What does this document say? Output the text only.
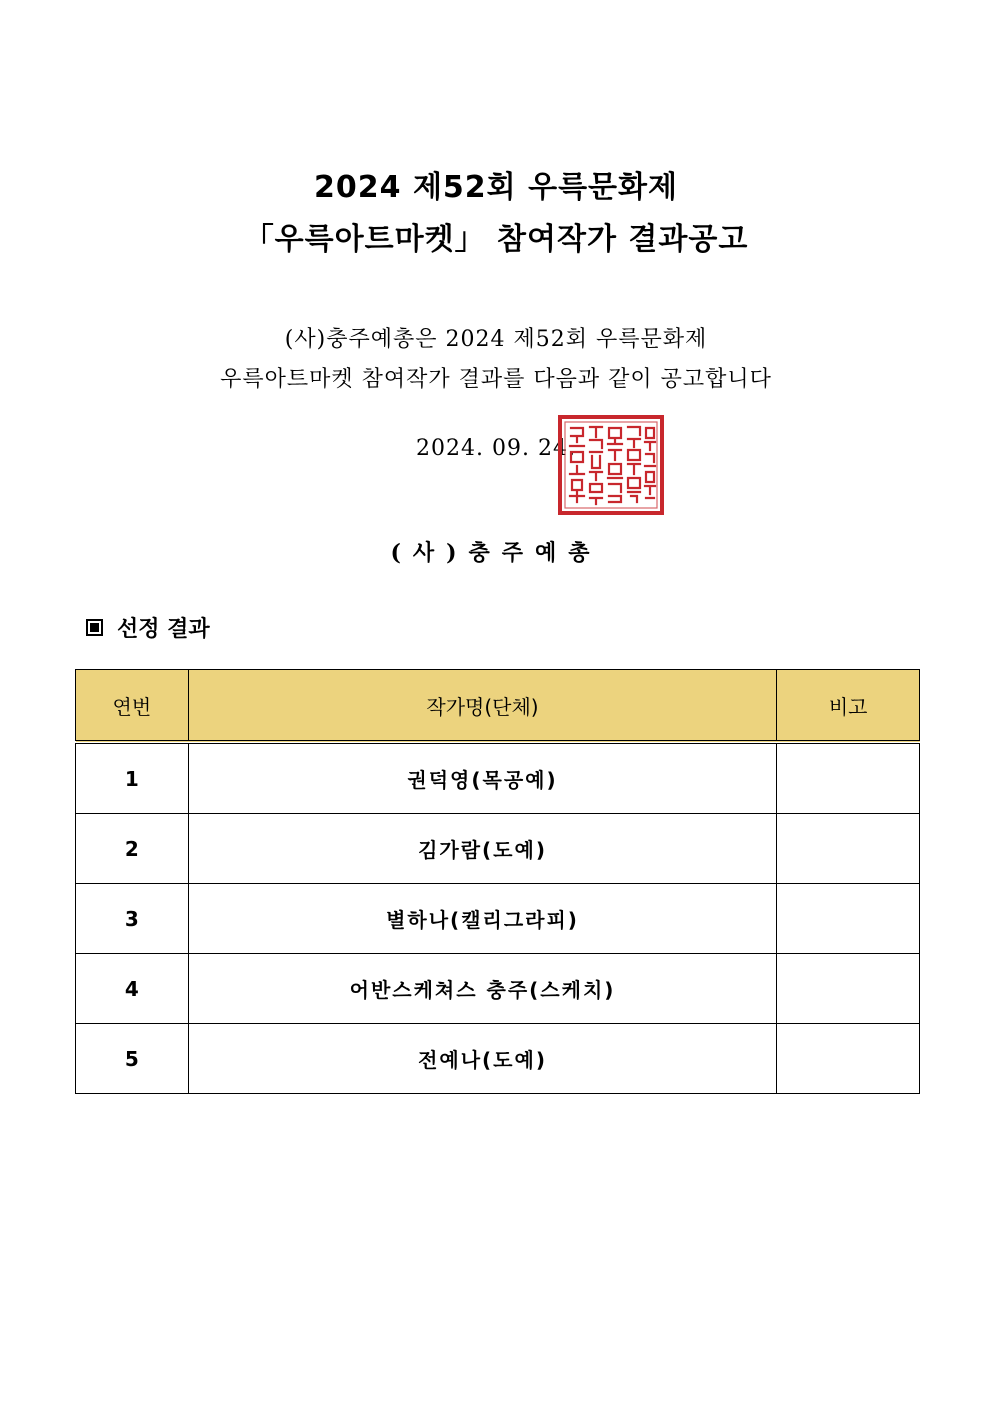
2024 제52회 우륵문화제
「우륵아트마켓」 참여작가 결과공고
(사)충주예총은 2024 제52회 우륵문화제
우륵아트마켓 참여작가 결과를 다음과 같이 공고합니다
2024. 09. 24.
(사)충주예총
선정 결과
연번	작가명(단체)	비고
1	권덕영(목공예)	
2	김가람(도예)	
3	별하나(캘리그라피)	
4	어반스케쳐스 충주(스케치)	
5	전예나(도예)	
